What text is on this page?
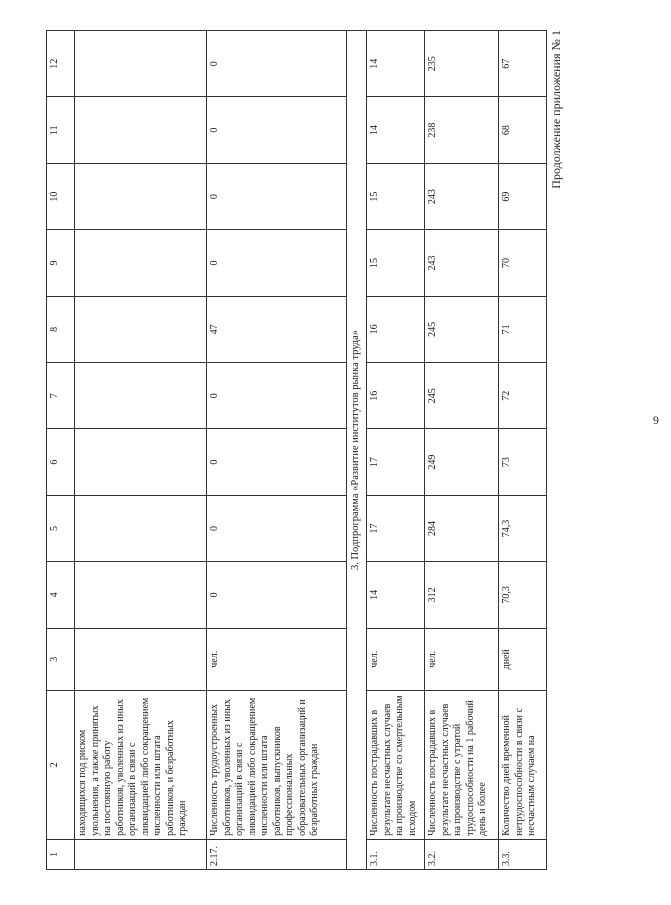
1	2	3	4	5	6	7	8	9	10	11	12
	находящихся под риском увольнения, а также принятых на постоянную работу работников, уволенных из иных организаций в связи с ликвидацией либо сокращением численности или штата работников, и безработных граждан										
2.17.	Численность трудоустроенных работников, уволенных из иных организаций в связи с ликвидацией либо сокращением численности или штата работников, выпускников профессиональных образовательных организаций и безработных граждан	чел.	0	0	0	0	47	0	0	0	0
3. Подпрограмма «Развитие институтов рынка труда»											
3.1.	Численность пострадавших в результате несчастных случаев на производстве со смертельным исходом	чел.	14	17	17	16	16	15	15	14	14
3.2.	Численность пострадавших в результате несчастных случаев на производстве с утратой трудоспособности на 1 рабочий день и более	чел.	312	284	249	245	245	243	243	238	235
3.3.	Количество дней временной нетрудоспособности в связи с несчастным случаем на	дней	70,3	74,3	73	72	71	70	69	68	67	Продолжение приложения № 1
6
